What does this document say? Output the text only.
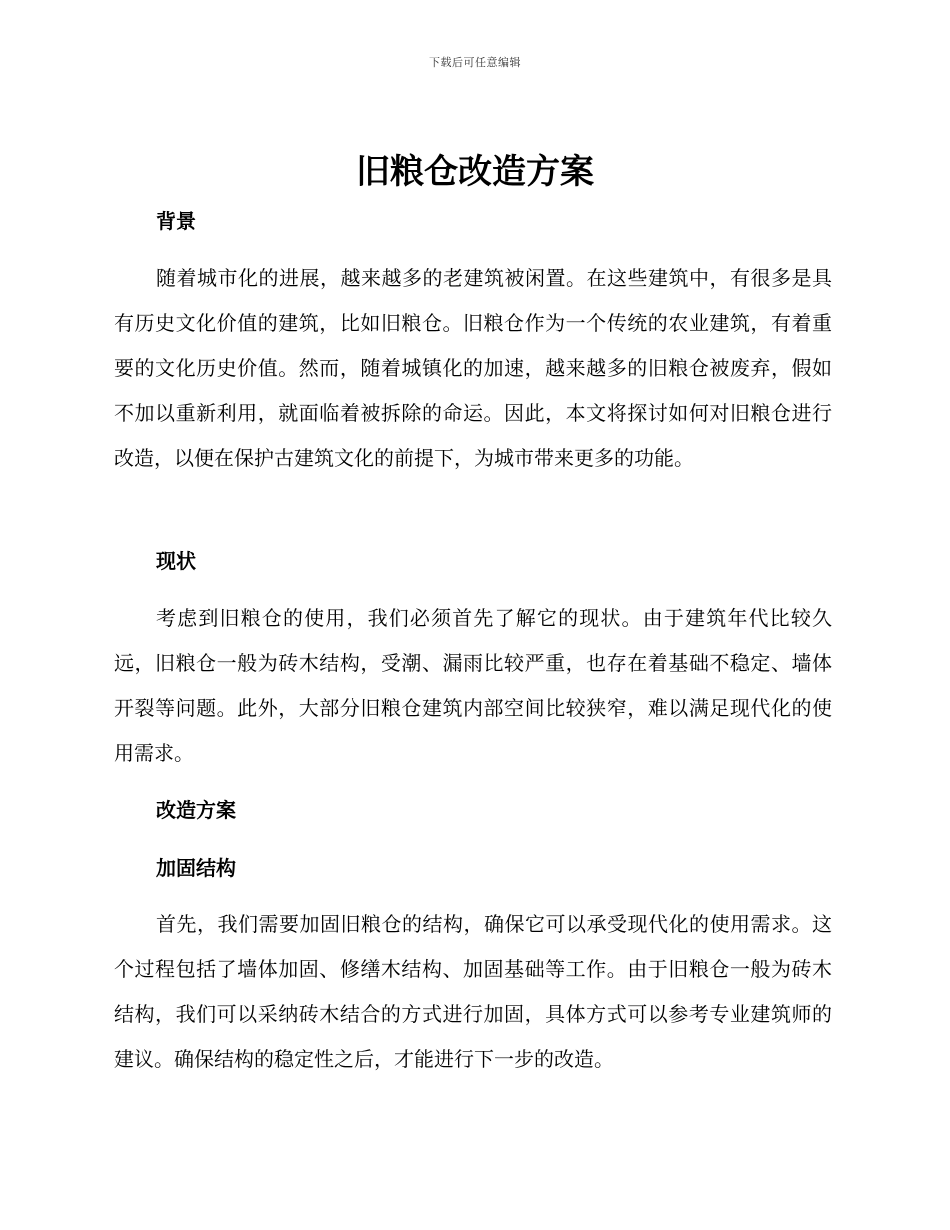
下载后可任意编辑
旧粮仓改造方案
背景

随着城市化的进展，越来越多的老建筑被闲置。在这些建筑中，有很多是具有历史文化价值的建筑，比如旧粮仓。旧粮仓作为一个传统的农业建筑，有着重要的文化历史价值。然而，随着城镇化的加速，越来越多的旧粮仓被废弃，假如不加以重新利用，就面临着被拆除的命运。因此，本文将探讨如何对旧粮仓进行改造，以便在保护古建筑文化的前提下，为城市带来更多的功能。

现状

考虑到旧粮仓的使用，我们必须首先了解它的现状。由于建筑年代比较久远，旧粮仓一般为砖木结构，受潮、漏雨比较严重，也存在着基础不稳定、墙体开裂等问题。此外，大部分旧粮仓建筑内部空间比较狭窄，难以满足现代化的使用需求。

改造方案
加固结构

首先，我们需要加固旧粮仓的结构，确保它可以承受现代化的使用需求。这个过程包括了墙体加固、修缮木结构、加固基础等工作。由于旧粮仓一般为砖木结构，我们可以采纳砖木结合的方式进行加固，具体方式可以参考专业建筑师的建议。确保结构的稳定性之后，才能进行下一步的改造。
